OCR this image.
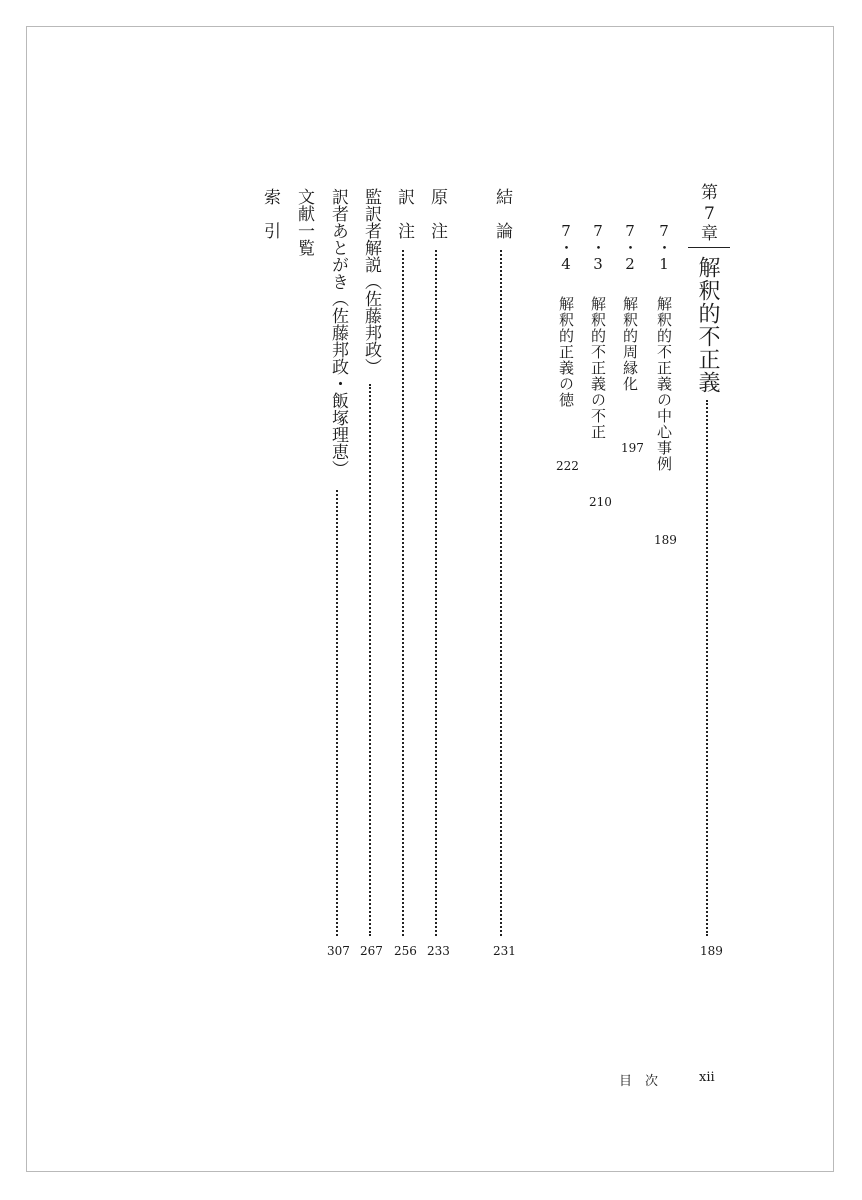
第
7
章
解釈的不正義
189
7・1
解釈的不正義の中心事例
189
7・2
解釈的周縁化
197
7・3
解釈的不正義の不正
210
7・4
解釈的正義の徳
222
結　論
231
原　注
233
訳　注
256
監訳者解説（佐藤邦政）
267
訳者あとがき（佐藤邦政・飯塚理恵）
307
文献一覧
索　引
目　次	xii
